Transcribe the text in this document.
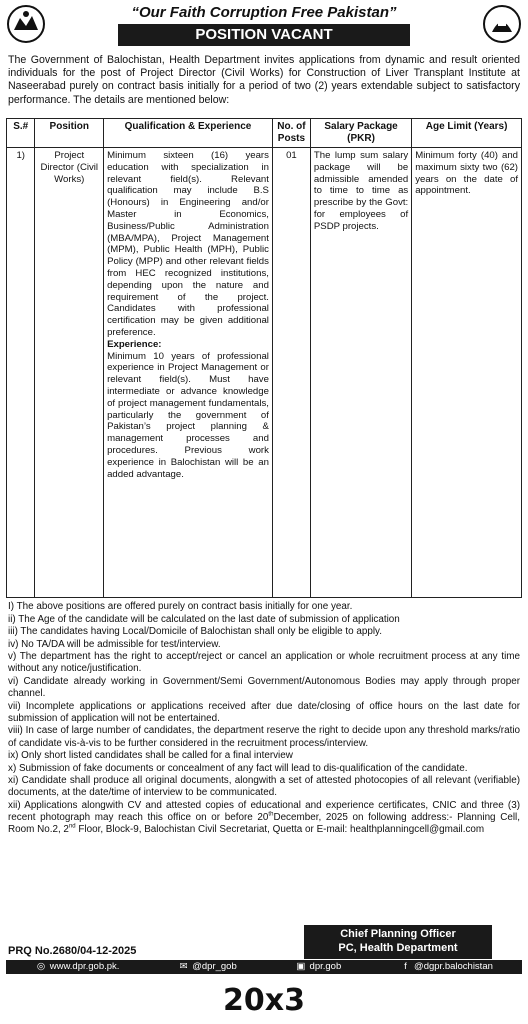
“Our Faith Corruption Free Pakistan”
POSITION VACANT
The Government of Balochistan, Health Department invites applications from dynamic and result oriented individuals for the post of Project Director (Civil Works) for Construction of Liver Transplant Institute at Naseerabad purely on contract basis initially for a period of two (2) years extendable subject to satisfactory performance. The details are mentioned below:
S.#	Position	Qualification & Experience	No. of Posts	Salary Package (PKR)	Age Limit (Years)
1)	Project Director (Civil Works)	Minimum sixteen (16) years education with specialization in relevant field(s). Relevant qualification may include B.S (Honours) in Engineering and/or Master in Economics, Business/Public Administration (MBA/MPA), Project Management (MPM), Public Health (MPH), Public Policy (MPP) and other relevant fields from HEC recognized institutions, depending upon the nature and requirement of the project. Candidates with professional certification may be given additional preference.
Experience:
Minimum 10 years of professional experience in Project Management or relevant field(s). Must have intermediate or advance knowledge of project management fundamentals, particularly the government of Pakistan’s project planning & management processes and procedures. Previous work experience in Balochistan will be an added advantage.	01	The lump sum salary package will be admissible amended to time to time as prescribe by the Govt: for employees of PSDP projects.	Minimum forty (40) and maximum sixty two (62) years on the date of appointment.
I) The above positions are offered purely on contract basis initially for one year.
ii) The Age of the candidate will be calculated on the last date of submission of application
iii) The candidates having Local/Domicile of Balochistan shall only be eligible to apply.
iv) No TA/DA will be admissible for test/interview.
v) The department has the right to accept/reject or cancel an application or whole recruitment process at any time without any notice/justification.
vi) Candidate already working in Government/Semi Government/Autonomous Bodies may apply through proper channel.
vii) Incomplete applications or applications received after due date/closing of office hours on the last date for submission of application will not be entertained.
viii) In case of large number of candidates, the department reserve the right to decide upon any threshold marks/ratio of candidate vis-à-vis to be further considered in the recruitment process/interview.
ix) Only short listed candidates shall be called for a final interview
x) Submission of fake documents or concealment of any fact will lead to dis-qualification of the candidate.
xi) Candidate shall produce all original documents, alongwith a set of attested photocopies of all relevant (verifiable) documents, at the date/time of interview to be communicated.
xii) Applications alongwith CV and attested copies of educational and experience certificates, CNIC and three (3) recent photograph may reach this office on or before 20thDecember, 2025 on following address:- Planning Cell, Room No.2, 2nd Floor, Block-9, Balochistan Civil Secretariat, Quetta or E-mail: healthplanningcell@gmail.com
Chief Planning Officer
PC, Health Department
PRQ No.2680/04-12-2025
◎ www.dpr.gob.pk.	✉ @dpr_gob	▣ dpr.gob	f @dgpr.balochistan
20x3
